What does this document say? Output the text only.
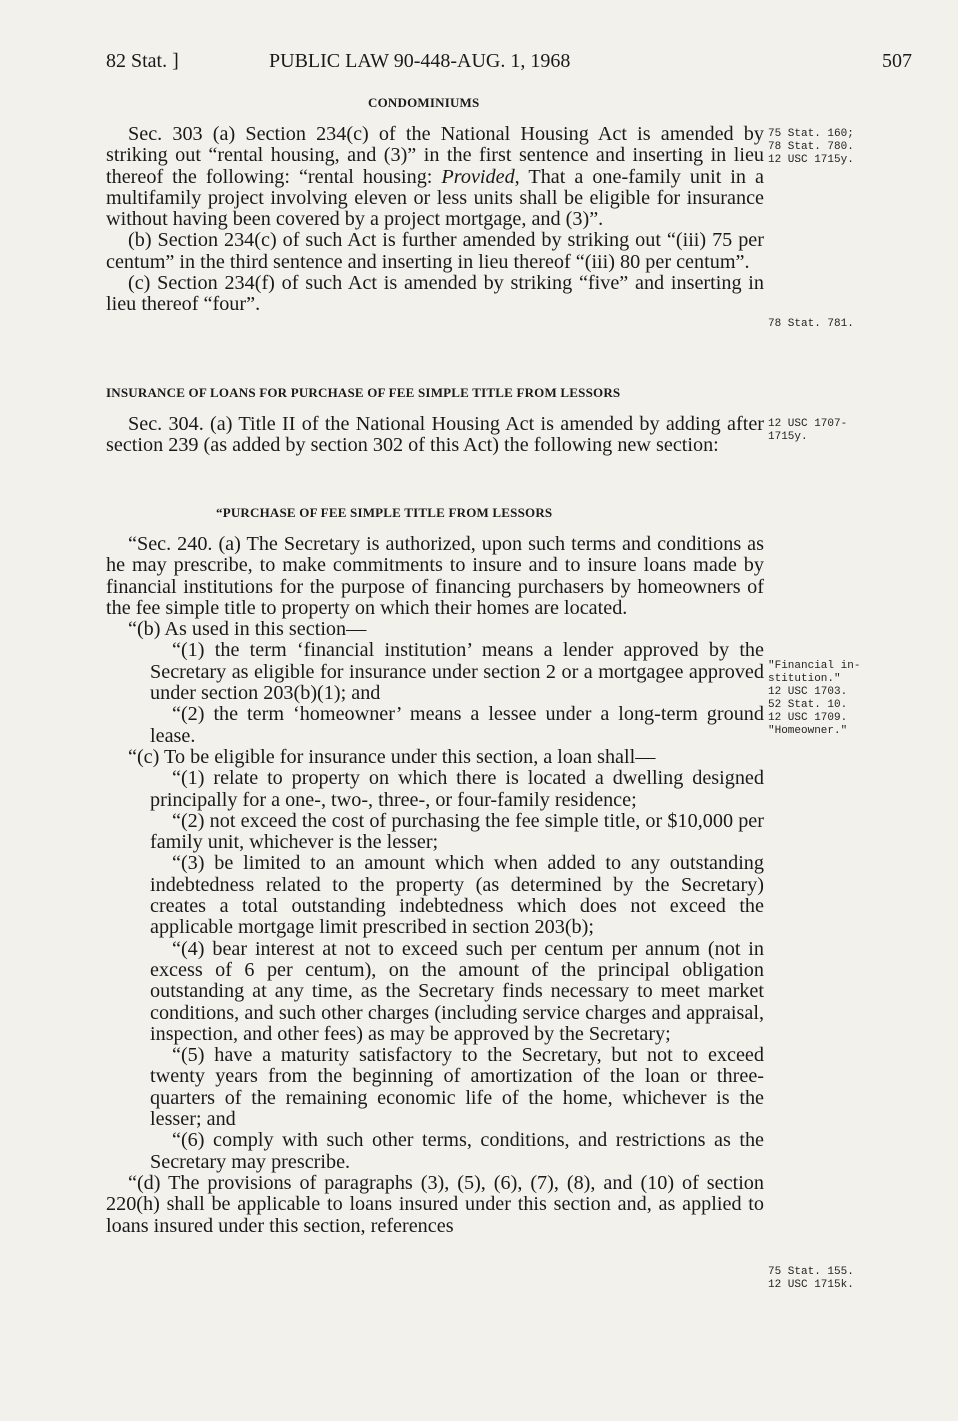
82 Stat. ]	PUBLIC LAW 90-448-AUG. 1, 1968	507
CONDOMINIUMS

Sec. 303 (a) Section 234(c) of the National Housing Act is amended by striking out “rental housing, and (3)” in the first sentence and inserting in lieu thereof the following: “rental housing: Provided, That a one-family unit in a multifamily project involving eleven or less units shall be eligible for insurance without having been covered by a project mortgage, and (3)”.

(b) Section 234(c) of such Act is further amended by striking out “(iii) 75 per centum” in the third sentence and inserting in lieu thereof “(iii) 80 per centum”.

(c) Section 234(f) of such Act is amended by striking “five” and inserting in lieu thereof “four”.

INSURANCE OF LOANS FOR PURCHASE OF FEE SIMPLE TITLE FROM LESSORS

Sec. 304. (a) Title II of the National Housing Act is amended by adding after section 239 (as added by section 302 of this Act) the following new section:

“PURCHASE OF FEE SIMPLE TITLE FROM LESSORS

“Sec. 240. (a) The Secretary is authorized, upon such terms and conditions as he may prescribe, to make commitments to insure and to insure loans made by financial institutions for the purpose of financing purchasers by homeowners of the fee simple title to property on which their homes are located.

“(b) As used in this section—

“(1) the term ‘financial institution’ means a lender approved by the Secretary as eligible for insurance under section 2 or a mortgagee approved under section 203(b)(1); and

“(2) the term ‘homeowner’ means a lessee under a long-term ground lease.

“(c) To be eligible for insurance under this section, a loan shall—

“(1) relate to property on which there is located a dwelling designed principally for a one-, two-, three-, or four-family residence;

“(2) not exceed the cost of purchasing the fee simple title, or $10,000 per family unit, whichever is the lesser;

“(3) be limited to an amount which when added to any outstanding indebtedness related to the property (as determined by the Secretary) creates a total outstanding indebtedness which does not exceed the applicable mortgage limit prescribed in section 203(b);

“(4) bear interest at not to exceed such per centum per annum (not in excess of 6 per centum), on the amount of the principal obligation outstanding at any time, as the Secretary finds necessary to meet market conditions, and such other charges (including service charges and appraisal, inspection, and other fees) as may be approved by the Secretary;

“(5) have a maturity satisfactory to the Secretary, but not to exceed twenty years from the beginning of amortization of the loan or three-quarters of the remaining economic life of the home, whichever is the lesser; and

“(6) comply with such other terms, conditions, and restrictions as the Secretary may prescribe.

“(d) The provisions of paragraphs (3), (5), (6), (7), (8), and (10) of section 220(h) shall be applicable to loans insured under this section and, as applied to loans insured under this section, references

75 Stat. 160;
78 Stat. 780.
12 USC 1715y.
78 Stat. 781.
12 USC 1707-
1715y.
"Financial in-
stitution."
12 USC 1703.
52 Stat. 10.
12 USC 1709.
"Homeowner."
75 Stat. 155.
12 USC 1715k.
